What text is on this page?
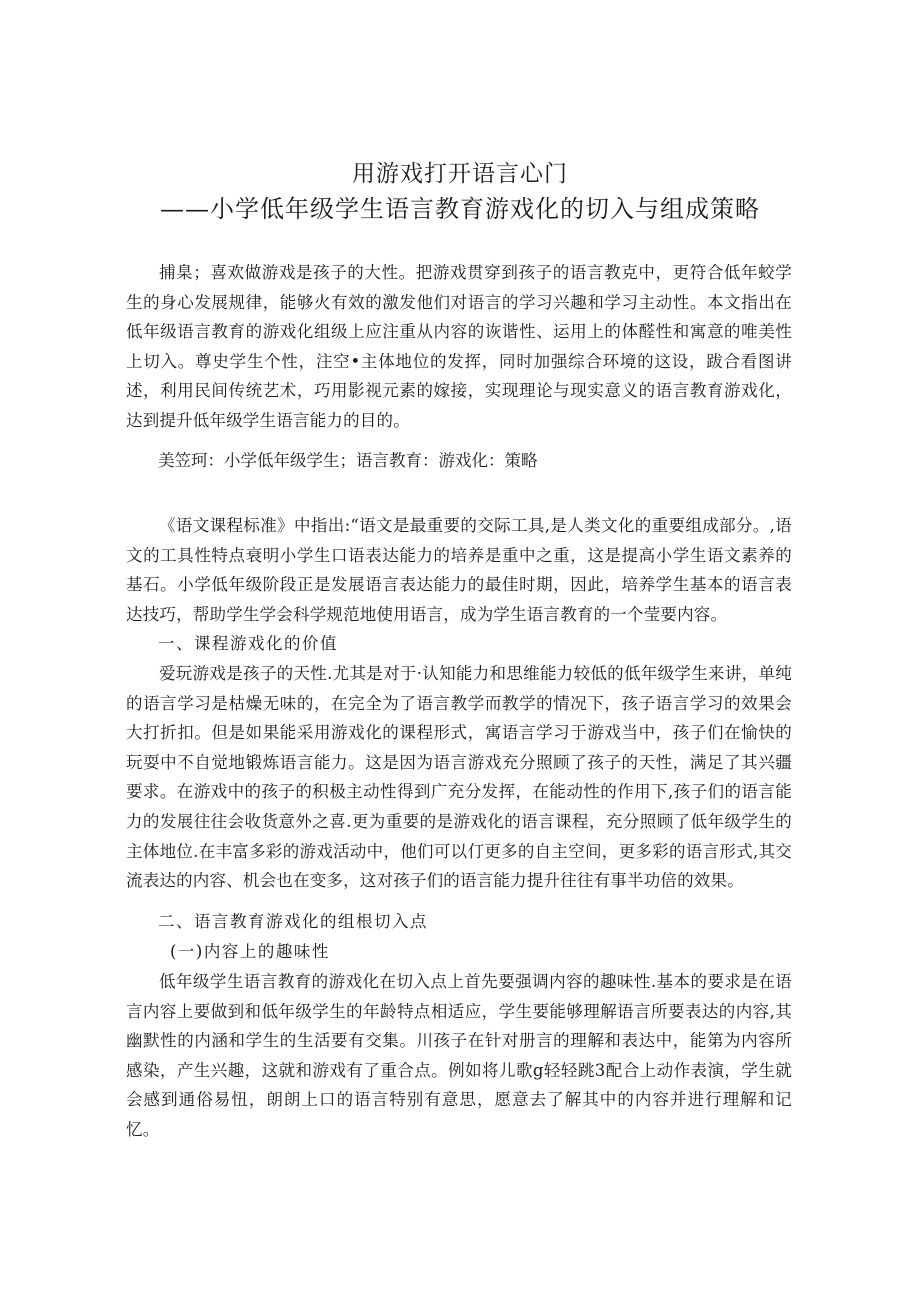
用游戏打开语言心门
——小学低年级学生语言教育游戏化的切入与组成策略

捕臬；喜欢做游戏是孩子的大性。把游戏贯穿到孩子的语言教克中，更符合低年蛟学生的身心发展规律，能够火有效的激发他们对语言的学习兴趣和学习主动性。本文指出在低年级语言教育的游戏化组级上应注重从内容的诙谐性、运用上的体醛性和寓意的唯美性上切入。尊史学生个性，注空•主体地位的发挥，同时加强综合环境的这设，跋合看图讲述，利用民间传统艺术，巧用影视元素的嫁接，实现理论与现实意义的语言教育游戏化，达到提升低年级学生语言能力的目的。

美笠珂：小学低年级学生；语言教育：游戏化：策略

《语文课程标准》中指出:“语文是最重要的交际工具,是人类文化的重要组成部分。,语文的工具性特点衰明小学生口语表达能力的培养是重中之重，这是提高小学生语文素养的基石。小学低年级阶段正是发展语言表达能力的最佳时期，因此，培养学生基本的语言表达技巧，帮助学生学会科学规范地使用语言，成为学生语言教育的一个莹要内容。

一、课程游戏化的价值

爱玩游戏是孩子的天性.尤其是对于·认知能力和思维能力较低的低年级学生来讲，单纯的语言学习是枯燥无味的，在完全为了语言教学而教学的情况下，孩子语言学习的效果会大打折扣。但是如果能采用游戏化的课程形式，寓语言学习于游戏当中，孩子们在愉快的玩耍中不自觉地锻炼语言能力。这是因为语言游戏充分照顾了孩子的天性，满足了其兴疆要求。在游戏中的孩子的积极主动性得到广充分发挥，在能动性的作用下,孩子们的语言能力的发展往往会收货意外之喜.更为重要的是游戏化的语言课程，充分照顾了低年级学生的主体地位.在丰富多彩的游戏活动中，他们可以仃更多的自主空间，更多彩的语言形式,其交流表达的内容、机会也在变多，这对孩子们的语言能力提升往往有事半功倍的效果。

二、语言教育游戏化的组根切入点

(一)内容上的趣味性

低年级学生语言教育的游戏化在切入点上首先要强调内容的趣味性.基本的要求是在语言内容上要做到和低年级学生的年龄特点相适应，学生要能够理解语言所要表达的内容,其幽默性的内涵和学生的生活要有交集。川孩子在针对册言的理解和表达中，能第为内容所感染，产生兴趣，这就和游戏有了重合点。例如将儿歌g轻轻跳3配合上动作表演，学生就会感到通俗易忸，朗朗上口的语言特别有意思，愿意去了解其中的内容并进行理解和记忆。
